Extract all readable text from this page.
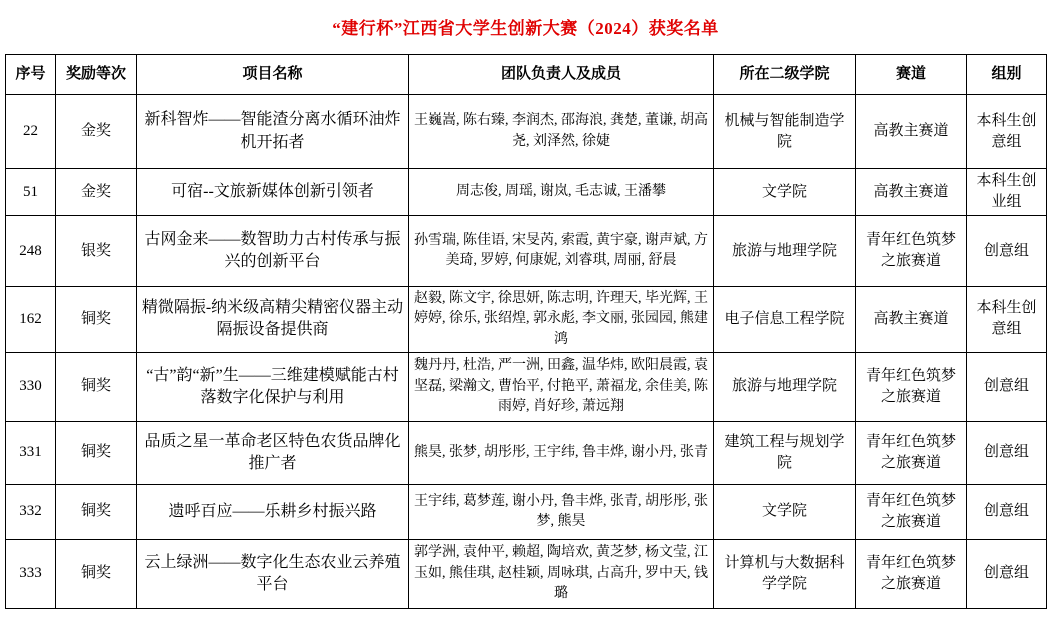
“建行杯”江西省大学生创新大赛（2024）获奖名单
序号	奖励等次	项目名称	团队负责人及成员	所在二级学院	赛道	组别
22	金奖	新科智炸——智能渣分离水循环油炸机开拓者	王巍嵩, 陈右臻, 李润杰, 邵海浪, 龚楚, 董谦, 胡高尧, 刘泽然, 徐婕	机械与智能制造学院	高教主赛道	本科生创意组
51	金奖	可宿--文旅新媒体创新引领者	周志俊, 周瑶, 谢岚, 毛志诚, 王潘攀	文学院	高教主赛道	本科生创业组
248	银奖	古网金来——数智助力古村传承与振兴的创新平台	孙雪瑞, 陈佳语, 宋旻芮, 索霞, 黄宇豪, 谢声斌, 方美琦, 罗婷, 何康妮, 刘睿琪, 周丽, 舒晨	旅游与地理学院	青年红色筑梦之旅赛道	创意组
162	铜奖	精微隔振-纳米级高精尖精密仪器主动隔振设备提供商	赵毅, 陈文宇, 徐思妍, 陈志明, 许理天, 毕光辉, 王婷婷, 徐乐, 张绍煌, 郭永彪, 李文丽, 张园园, 熊建鸿	电子信息工程学院	高教主赛道	本科生创意组
330	铜奖	“古”韵“新”生——三维建模赋能古村落数字化保护与利用	魏丹丹, 杜浩, 严一洲, 田鑫, 温华炜, 欧阳晨霞, 袁坚磊, 梁瀚文, 曹怡平, 付艳平, 萧福龙, 余佳美, 陈雨婷, 肖好珍, 萧远翔	旅游与地理学院	青年红色筑梦之旅赛道	创意组
331	铜奖	品质之星一革命老区特色农货品牌化推广者	熊昊, 张梦, 胡彤彤, 王宇纬, 鲁丰烨, 谢小丹, 张青	建筑工程与规划学院	青年红色筑梦之旅赛道	创意组
332	铜奖	遗呼百应——乐耕乡村振兴路	王宇纬, 葛梦莲, 谢小丹, 鲁丰烨, 张青, 胡彤彤, 张梦, 熊昊	文学院	青年红色筑梦之旅赛道	创意组
333	铜奖	云上绿洲——数字化生态农业云养殖平台	郭学洲, 袁仲平, 赖超, 陶培欢, 黄芝梦, 杨文莹, 江玉如, 熊佳琪, 赵桂颖, 周咏琪, 占高升, 罗中天, 钱璐	计算机与大数据科学学院	青年红色筑梦之旅赛道	创意组
